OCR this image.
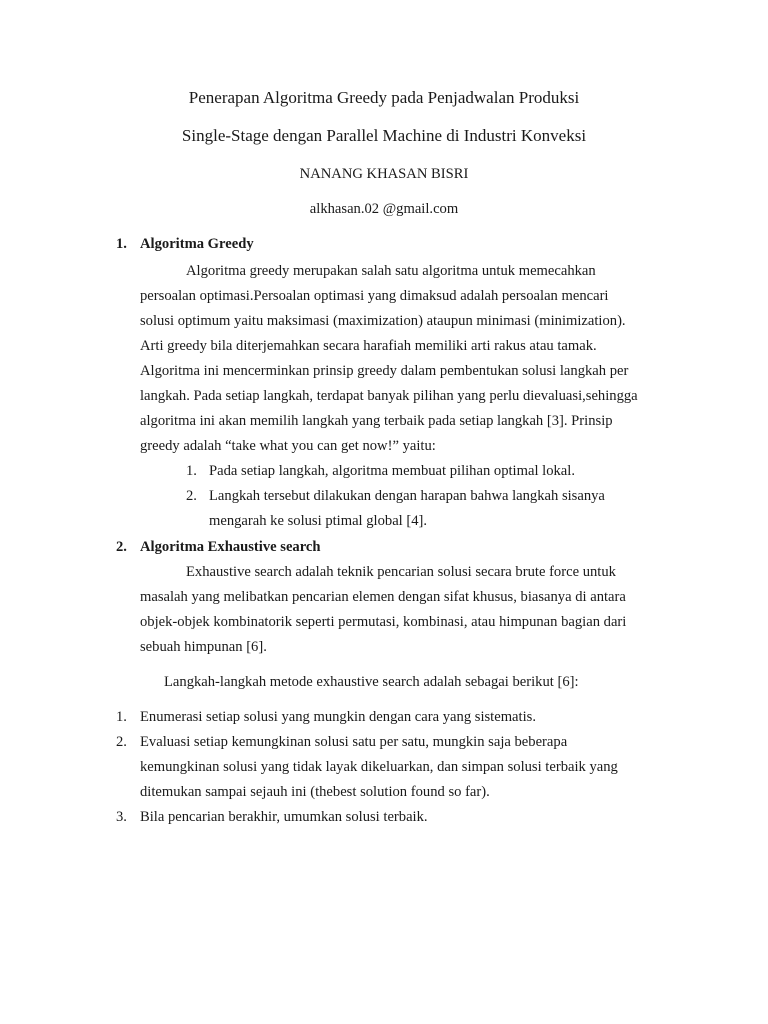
Penerapan Algoritma Greedy pada Penjadwalan Produksi
Single-Stage dengan Parallel Machine di Industri Konveksi
NANANG KHASAN BISRI
alkhasan.02 @gmail.com
1. Algoritma Greedy
Algoritma greedy merupakan salah satu algoritma untuk memecahkan
persoalan optimasi.Persoalan optimasi yang dimaksud adalah persoalan mencari
solusi optimum yaitu maksimasi (maximization) ataupun minimasi (minimization).
Arti greedy bila diterjemahkan secara harafiah memiliki arti rakus atau tamak.
Algoritma ini mencerminkan prinsip greedy dalam pembentukan solusi langkah per
langkah. Pada setiap langkah, terdapat banyak pilihan yang perlu dievaluasi,sehingga
algoritma ini akan memilih langkah yang terbaik pada setiap langkah [3]. Prinsip
greedy adalah “take what you can get now!” yaitu:
1. Pada setiap langkah, algoritma membuat pilihan optimal lokal.
2. Langkah tersebut dilakukan dengan harapan bahwa langkah sisanya
mengarah ke solusi ptimal global [4].
2. Algoritma Exhaustive search
Exhaustive search adalah teknik pencarian solusi secara brute force untuk
masalah yang melibatkan pencarian elemen dengan sifat khusus, biasanya di antara
objek-objek kombinatorik seperti permutasi, kombinasi, atau himpunan bagian dari
sebuah himpunan [6].
Langkah-langkah metode exhaustive search adalah sebagai berikut [6]:
1. Enumerasi setiap solusi yang mungkin dengan cara yang sistematis.
2. Evaluasi setiap kemungkinan solusi satu per satu, mungkin saja beberapa
kemungkinan solusi yang tidak layak dikeluarkan, dan simpan solusi terbaik yang
ditemukan sampai sejauh ini (thebest solution found so far).
3. Bila pencarian berakhir, umumkan solusi terbaik.
